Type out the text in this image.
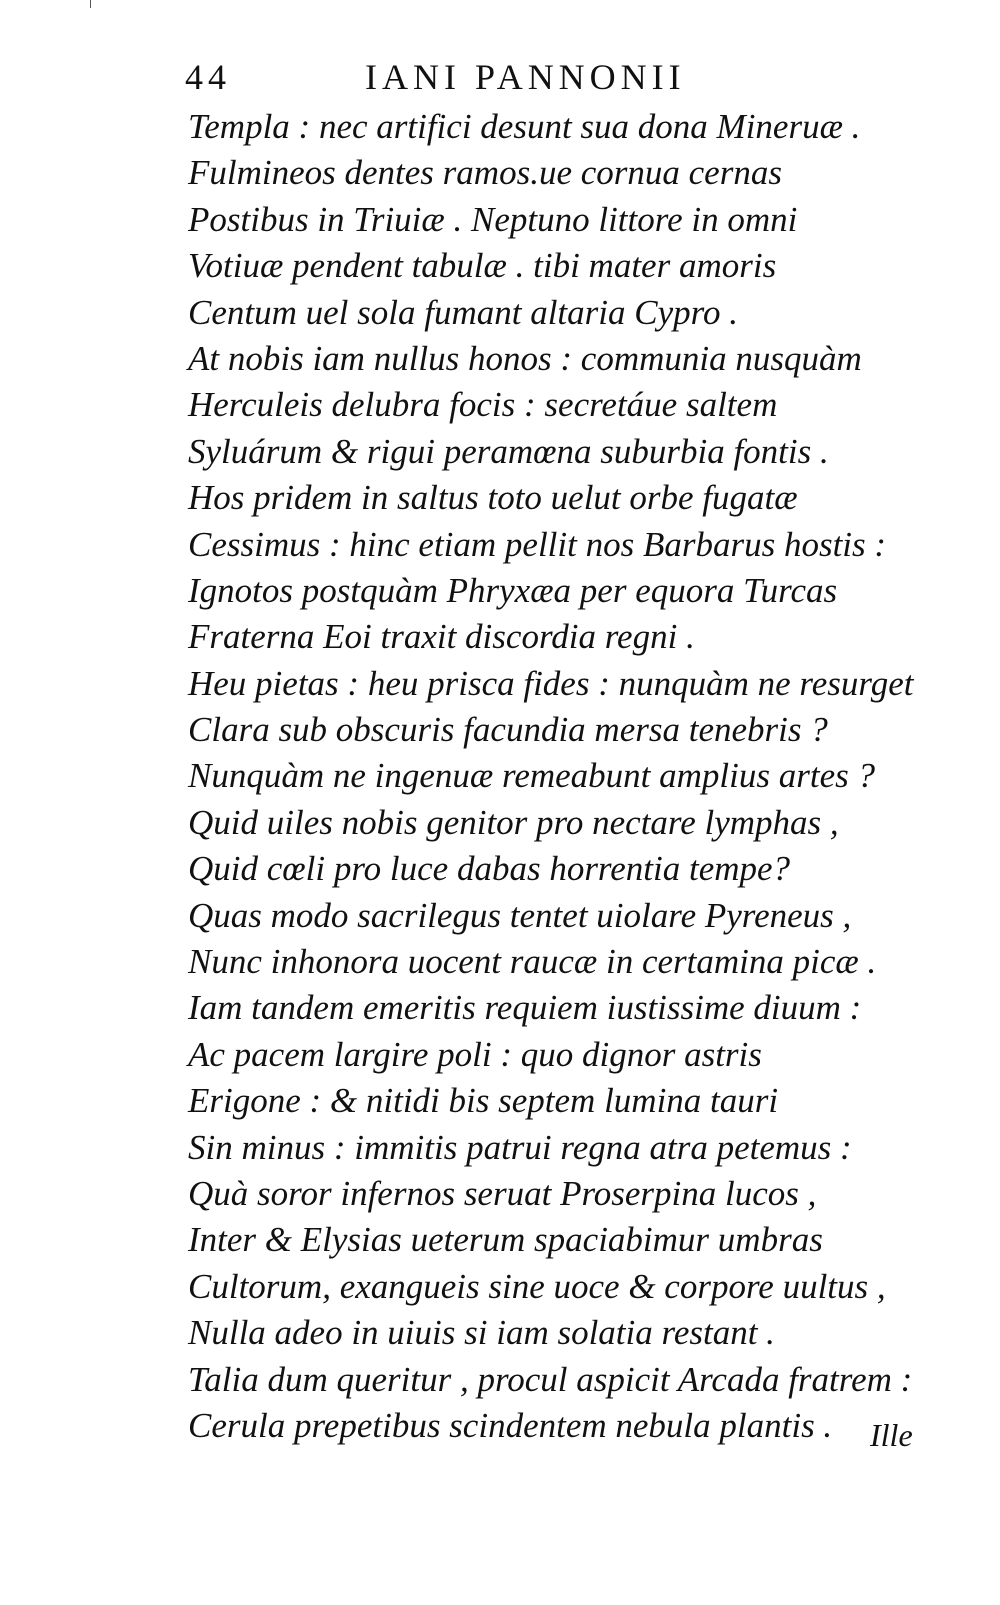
44	IANI PANNONII
Templa : nec artifici desunt sua dona Mineruæ .
Fulmineos dentes ramos.ue cornua cernas
Postibus in Triuiæ . Neptuno littore in omni
Votiuæ pendent tabulæ . tibi mater amoris
Centum uel sola fumant altaria Cypro .
At nobis iam nullus honos : communia nusquàm
Herculeis delubra focis : secretáue saltem
Syluárum & rigui peramœna suburbia fontis .
Hos pridem in saltus toto uelut orbe fugatæ
Cessimus : hinc etiam pellit nos Barbarus hostis :
Ignotos postquàm Phryxæa per equora Turcas
Fraterna Eoi traxit discordia regni .
Heu pietas : heu prisca fides : nunquàm ne resurget
Clara sub obscuris facundia mersa tenebris ?
Nunquàm ne ingenuæ remeabunt amplius artes ?
Quid uiles nobis genitor pro nectare lymphas ,
Quid cœli pro luce dabas horrentia tempe?
Quas modo sacrilegus tentet uiolare Pyreneus ,
Nunc inhonora uocent raucæ in certamina picæ .
Iam tandem emeritis requiem iustissime diuum :
Ac pacem largire poli : quo dignor astris
Erigone : & nitidi bis septem lumina tauri
Sin minus : immitis patrui regna atra petemus :
Quà soror infernos seruat Proserpina lucos ,
Inter & Elysias ueterum spaciabimur umbras
Cultorum, exangueis sine uoce & corpore uultus ,
Nulla adeo in uiuis si iam solatia restant .
Talia dum queritur , procul aspicit Arcada fratrem :
Cerula prepetibus scindentem nebula plantis .	Ille
